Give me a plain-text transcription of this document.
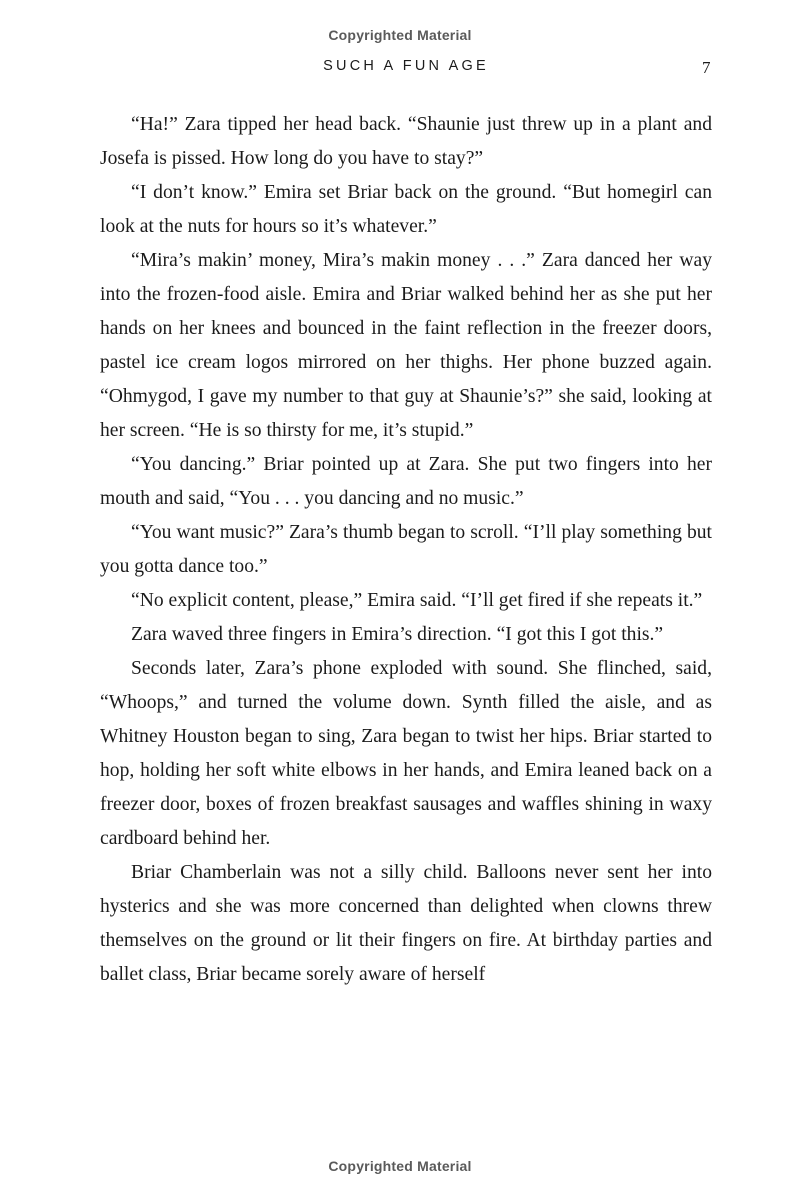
Copyrighted Material
SUCH A FUN AGE	7

“Ha!” Zara tipped her head back. “Shaunie just threw up in a plant and Josefa is pissed. How long do you have to stay?”

“I don’t know.” Emira set Briar back on the ground. “But homegirl can look at the nuts for hours so it’s whatever.”

“Mira’s makin’ money, Mira’s makin money . . .” Zara danced her way into the frozen-food aisle. Emira and Briar walked behind her as she put her hands on her knees and bounced in the faint reflection in the freezer doors, pastel ice cream logos mirrored on her thighs. Her phone buzzed again. “Ohmygod, I gave my number to that guy at Shaunie’s?” she said, looking at her screen. “He is so thirsty for me, it’s stupid.”

“You dancing.” Briar pointed up at Zara. She put two fingers into her mouth and said, “You . . . you dancing and no music.”

“You want music?” Zara’s thumb began to scroll. “I’ll play something but you gotta dance too.”

“No explicit content, please,” Emira said. “I’ll get fired if she repeats it.”

Zara waved three fingers in Emira’s direction. “I got this I got this.”

Seconds later, Zara’s phone exploded with sound. She flinched, said, “Whoops,” and turned the volume down. Synth filled the aisle, and as Whitney Houston began to sing, Zara began to twist her hips. Briar started to hop, holding her soft white elbows in her hands, and Emira leaned back on a freezer door, boxes of frozen breakfast sausages and waffles shining in waxy cardboard behind her.

Briar Chamberlain was not a silly child. Balloons never sent her into hysterics and she was more concerned than delighted when clowns threw themselves on the ground or lit their fingers on fire. At birthday parties and ballet class, Briar became sorely aware of herself

Copyrighted Material
